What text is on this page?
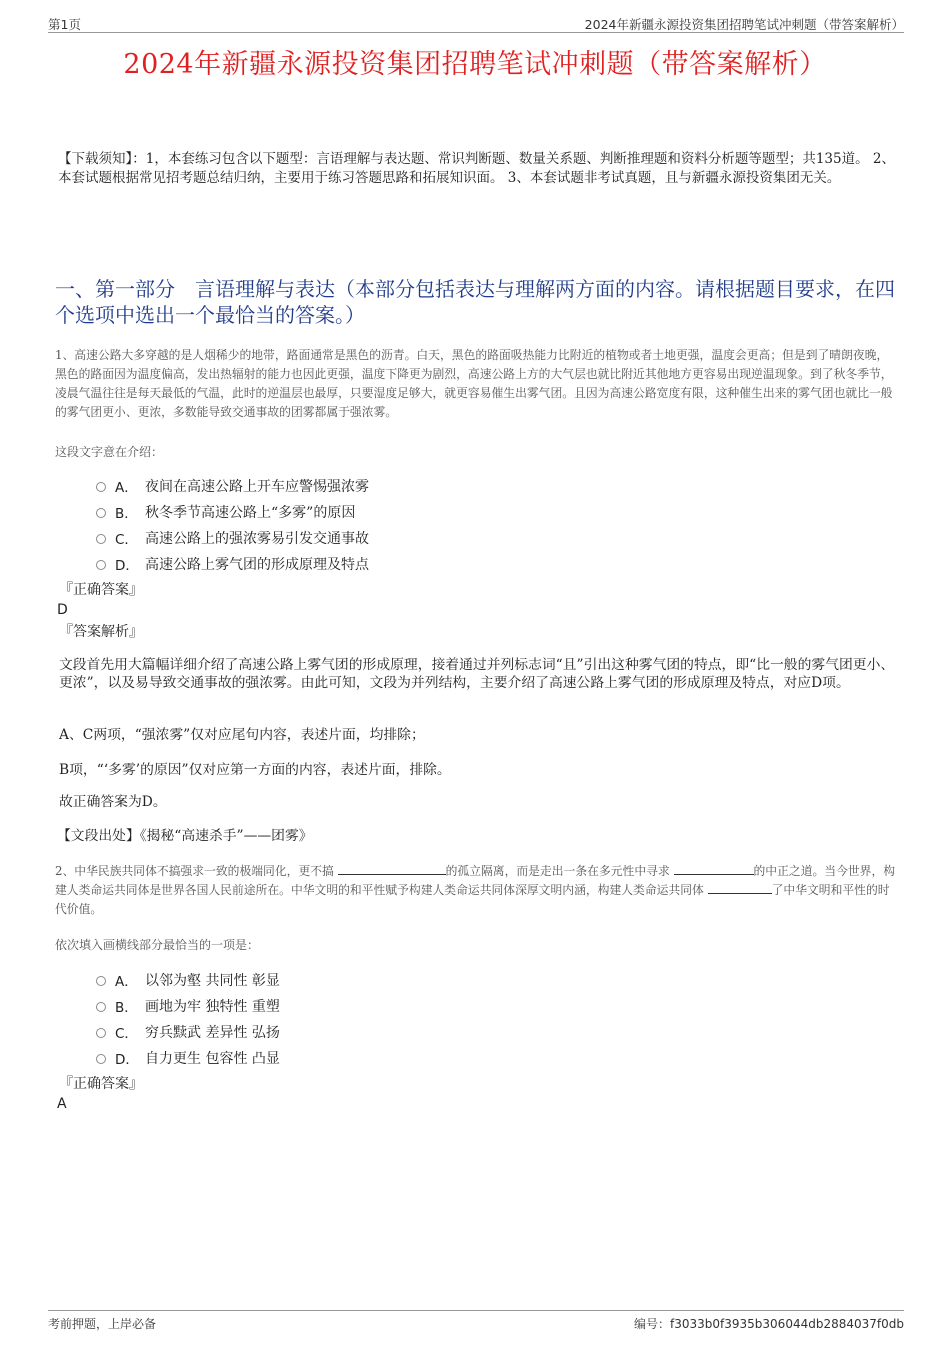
第1页	2024年新疆永源投资集团招聘笔试冲刺题（带答案解析）
2024年新疆永源投资集团招聘笔试冲刺题（带答案解析）
【下载须知】：1，本套练习包含以下题型：言语理解与表达题、常识判断题、数量关系题、判断推理题和资料分析题等题型；共135道。 2、本套试题根据常见招考题总结归纳，主要用于练习答题思路和拓展知识面。 3、本套试题非考试真题，且与新疆永源投资集团无关。
一、第一部分　言语理解与表达（本部分包括表达与理解两方面的内容。请根据题目要求，在四个选项中选出一个最恰当的答案。）
1、高速公路大多穿越的是人烟稀少的地带，路面通常是黑色的沥青。白天，黑色的路面吸热能力比附近的植物或者土地更强，温度会更高；但是到了晴朗夜晚，黑色的路面因为温度偏高，发出热辐射的能力也因此更强，温度下降更为剧烈，高速公路上方的大气层也就比附近其他地方更容易出现逆温现象。到了秋冬季节，凌晨气温往往是每天最低的气温，此时的逆温层也最厚，只要湿度足够大，就更容易催生出雾气团。且因为高速公路宽度有限，这种催生出来的雾气团也就比一般的雾气团更小、更浓，多数能导致交通事故的团雾都属于强浓雾。
这段文字意在介绍：
A． 夜间在高速公路上开车应警惕强浓雾
B． 秋冬季节高速公路上“多雾”的原因
C． 高速公路上的强浓雾易引发交通事故
D． 高速公路上雾气团的形成原理及特点
『正确答案』
D
『答案解析』
文段首先用大篇幅详细介绍了高速公路上雾气团的形成原理，接着通过并列标志词“且”引出这种雾气团的特点，即“比一般的雾气团更小、更浓”，以及易导致交通事故的强浓雾。由此可知，文段为并列结构，主要介绍了高速公路上雾气团的形成原理及特点，对应D项。
A、C两项，“强浓雾”仅对应尾句内容，表述片面，均排除；
B项，“‘多雾’的原因”仅对应第一方面的内容，表述片面，排除。
故正确答案为D。
【文段出处】《揭秘“高速杀手”——团雾》
2、中华民族共同体不搞强求一致的极端同化，更不搞	的孤立隔离，而是走出一条在多元性中寻求	的中正之道。当今世界，构建人类命运共同体是世界各国人民前途所在。中华文明的和平性赋予构建人类命运共同体深厚文明内涵，构建人类命运共同体	了中华文明和平性的时代价值。
依次填入画横线部分最恰当的一项是：
A． 以邻为壑 共同性 彰显
B． 画地为牢 独特性 重塑
C． 穷兵黩武 差异性 弘扬
D． 自力更生 包容性 凸显
『正确答案』
A
考前押题，上岸必备	编号：f3033b0f3935b306044db2884037f0db
